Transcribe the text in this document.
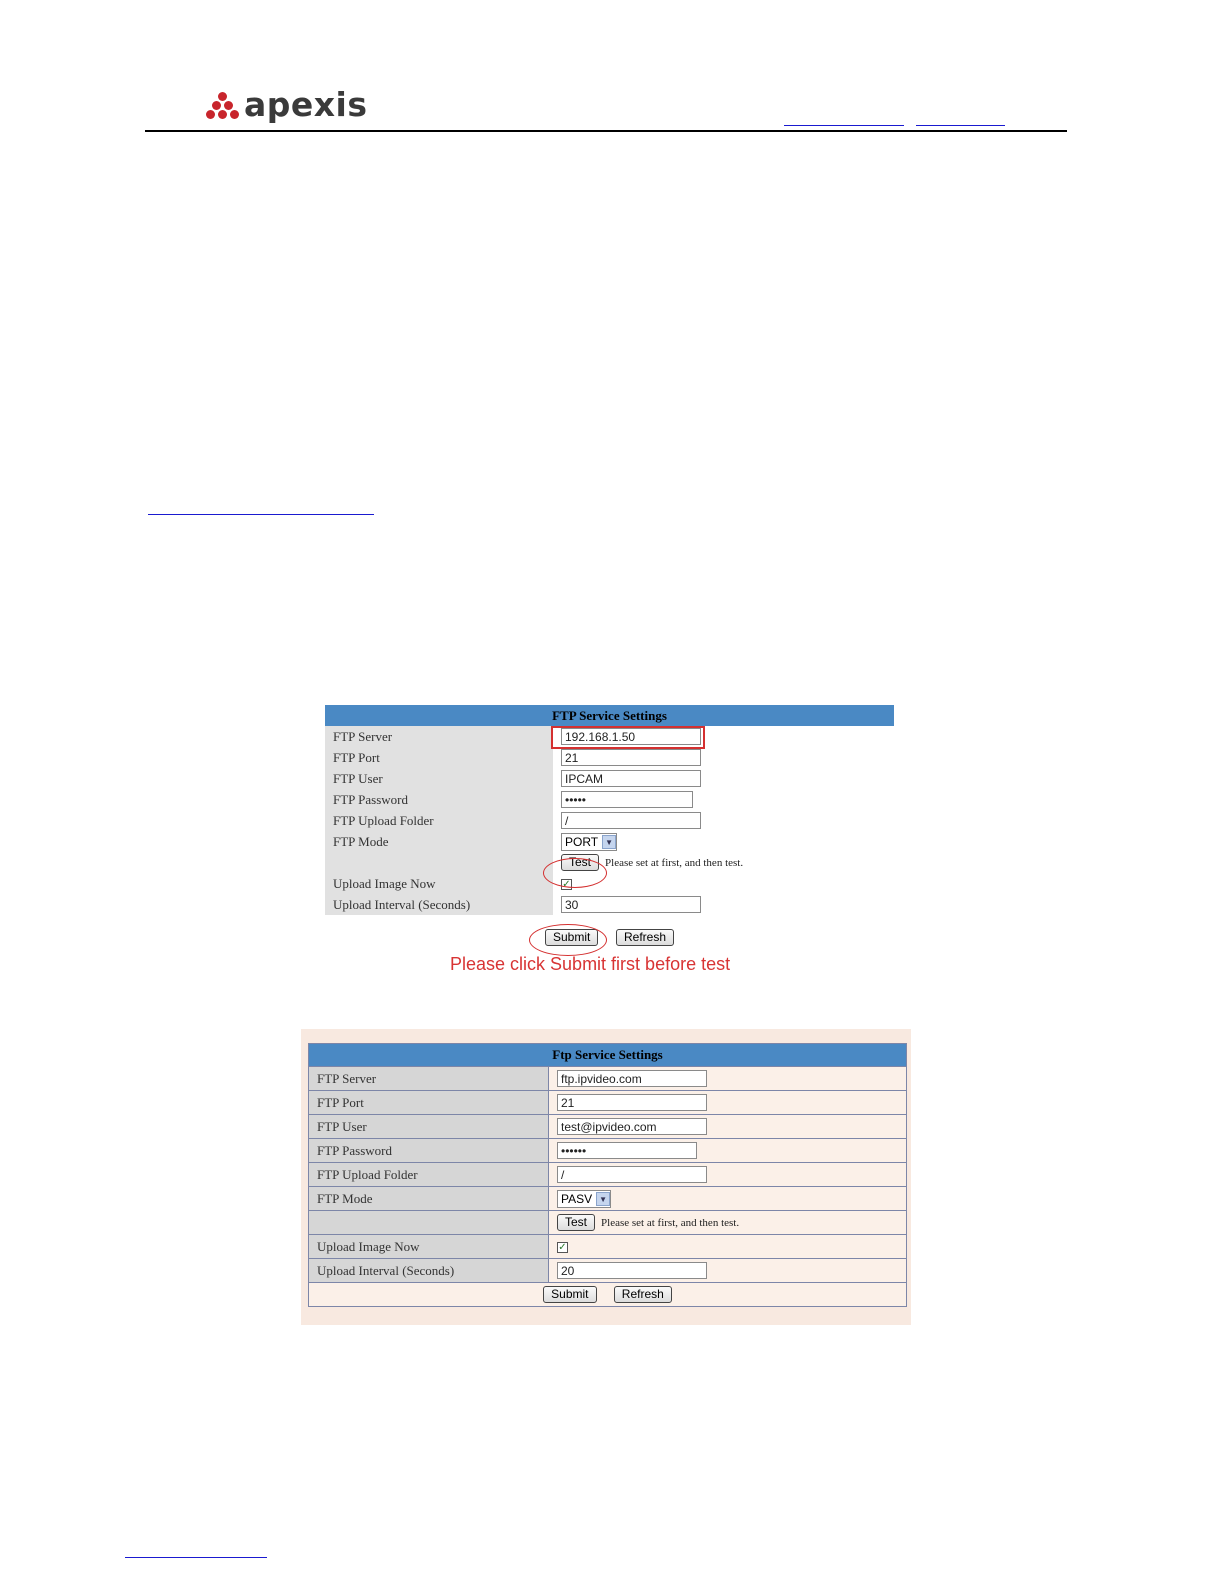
apexis
FTP Service Settings	
FTP Server	192.168.1.50
FTP Port	21
FTP User	IPCAM
FTP Password	•••••
FTP Upload Folder	/
FTP Mode	PORT ▼

	Test Please set at first, and then test.
Upload Image Now	✓
Upload Interval (Seconds)	30
Submit	Refresh
Please click Submit first before test
Ftp Service Settings	
FTP Server	ftp.ipvideo.com
FTP Port	21
FTP User	test@ipvideo.com
FTP Password	••••••
FTP Upload Folder	/
FTP Mode	PASV ▼

	Test Please set at first, and then test.
Upload Image Now	✓
Upload Interval (Seconds)	20
Submit Refresh	
